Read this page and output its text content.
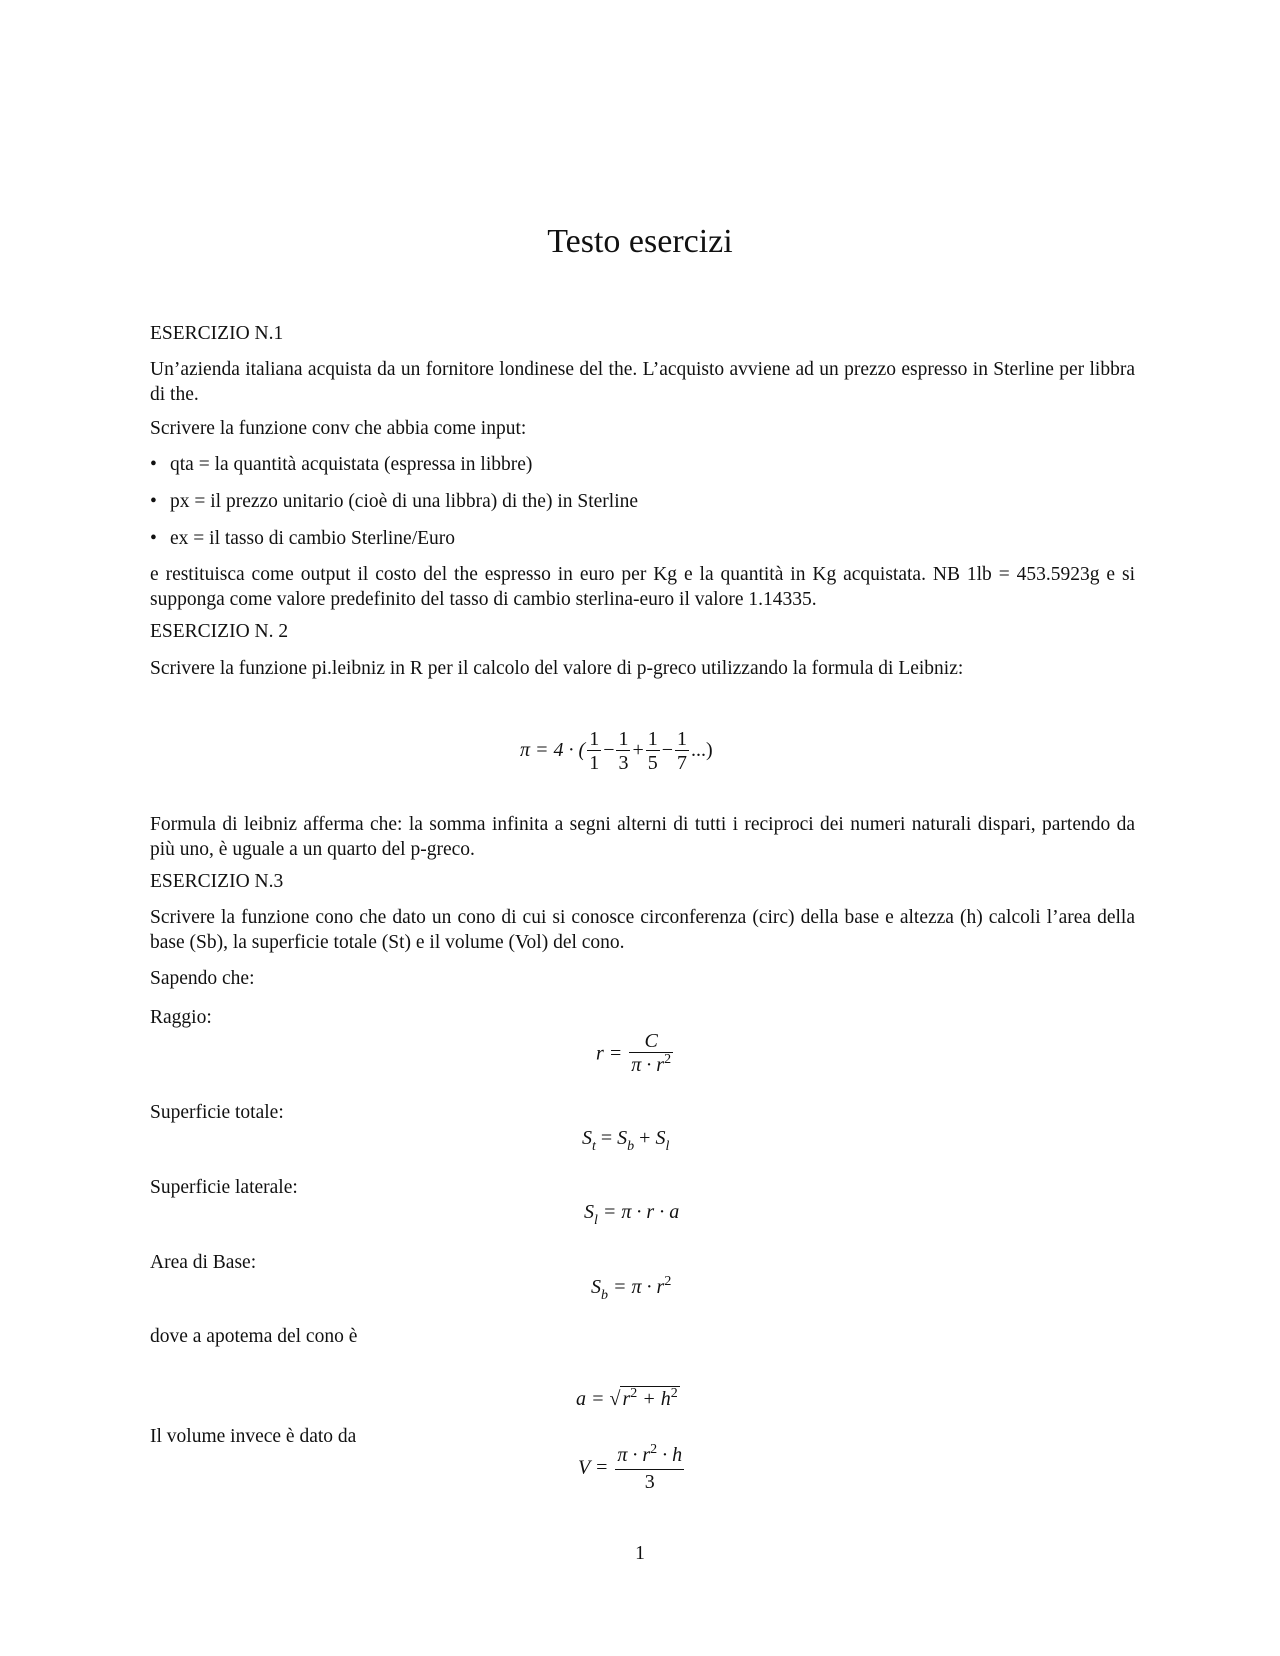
Testo esercizi
ESERCIZIO N.1
Un’azienda italiana acquista da un fornitore londinese del the. L’acquisto avviene ad un prezzo espresso in Sterline per libbra di the.
Scrivere la funzione conv che abbia come input:
• qta = la quantità acquistata (espressa in libbre)
• px = il prezzo unitario (cioè di una libbra) di the) in Sterline
• ex = il tasso di cambio Sterline/Euro
e restituisca come output il costo del the espresso in euro per Kg e la quantità in Kg acquistata. NB 1lb = 453.5923g e si supponga come valore predefinito del tasso di cambio sterlina-euro il valore 1.14335.
ESERCIZIO N. 2
Scrivere la funzione pi.leibniz in R per il calcolo del valore di p-greco utilizzando la formula di Leibniz:
π = 4 · ( $\frac{1}{1} - \frac{1}{3} + \frac{1}{5} - \frac{1}{7}$ ...)
Formula di leibniz afferma che: la somma infinita a segni alterni di tutti i reciproci dei numeri naturali dispari, partendo da più uno, è uguale a un quarto del p-greco.
ESERCIZIO N.3
Scrivere la funzione cono che dato un cono di cui si conosce circonferenza (circ) della base e altezza (h) calcoli l’area della base (Sb), la superficie totale (St) e il volume (Vol) del cono.
Sapendo che:
Raggio:
$r = \frac{C}{\pi \cdot r^2}$
Superficie totale:
$S_t = S_b + S_l$
Superficie laterale:
$S_l = \pi \cdot r \cdot a$
Area di Base:
$S_b = \pi \cdot r^2$
dove a apotema del cono è
a = √ $r^2 + h^2$
Il volume invece è dato da
$V = \frac{\pi \cdot r^2 \cdot h}{3}$
1
